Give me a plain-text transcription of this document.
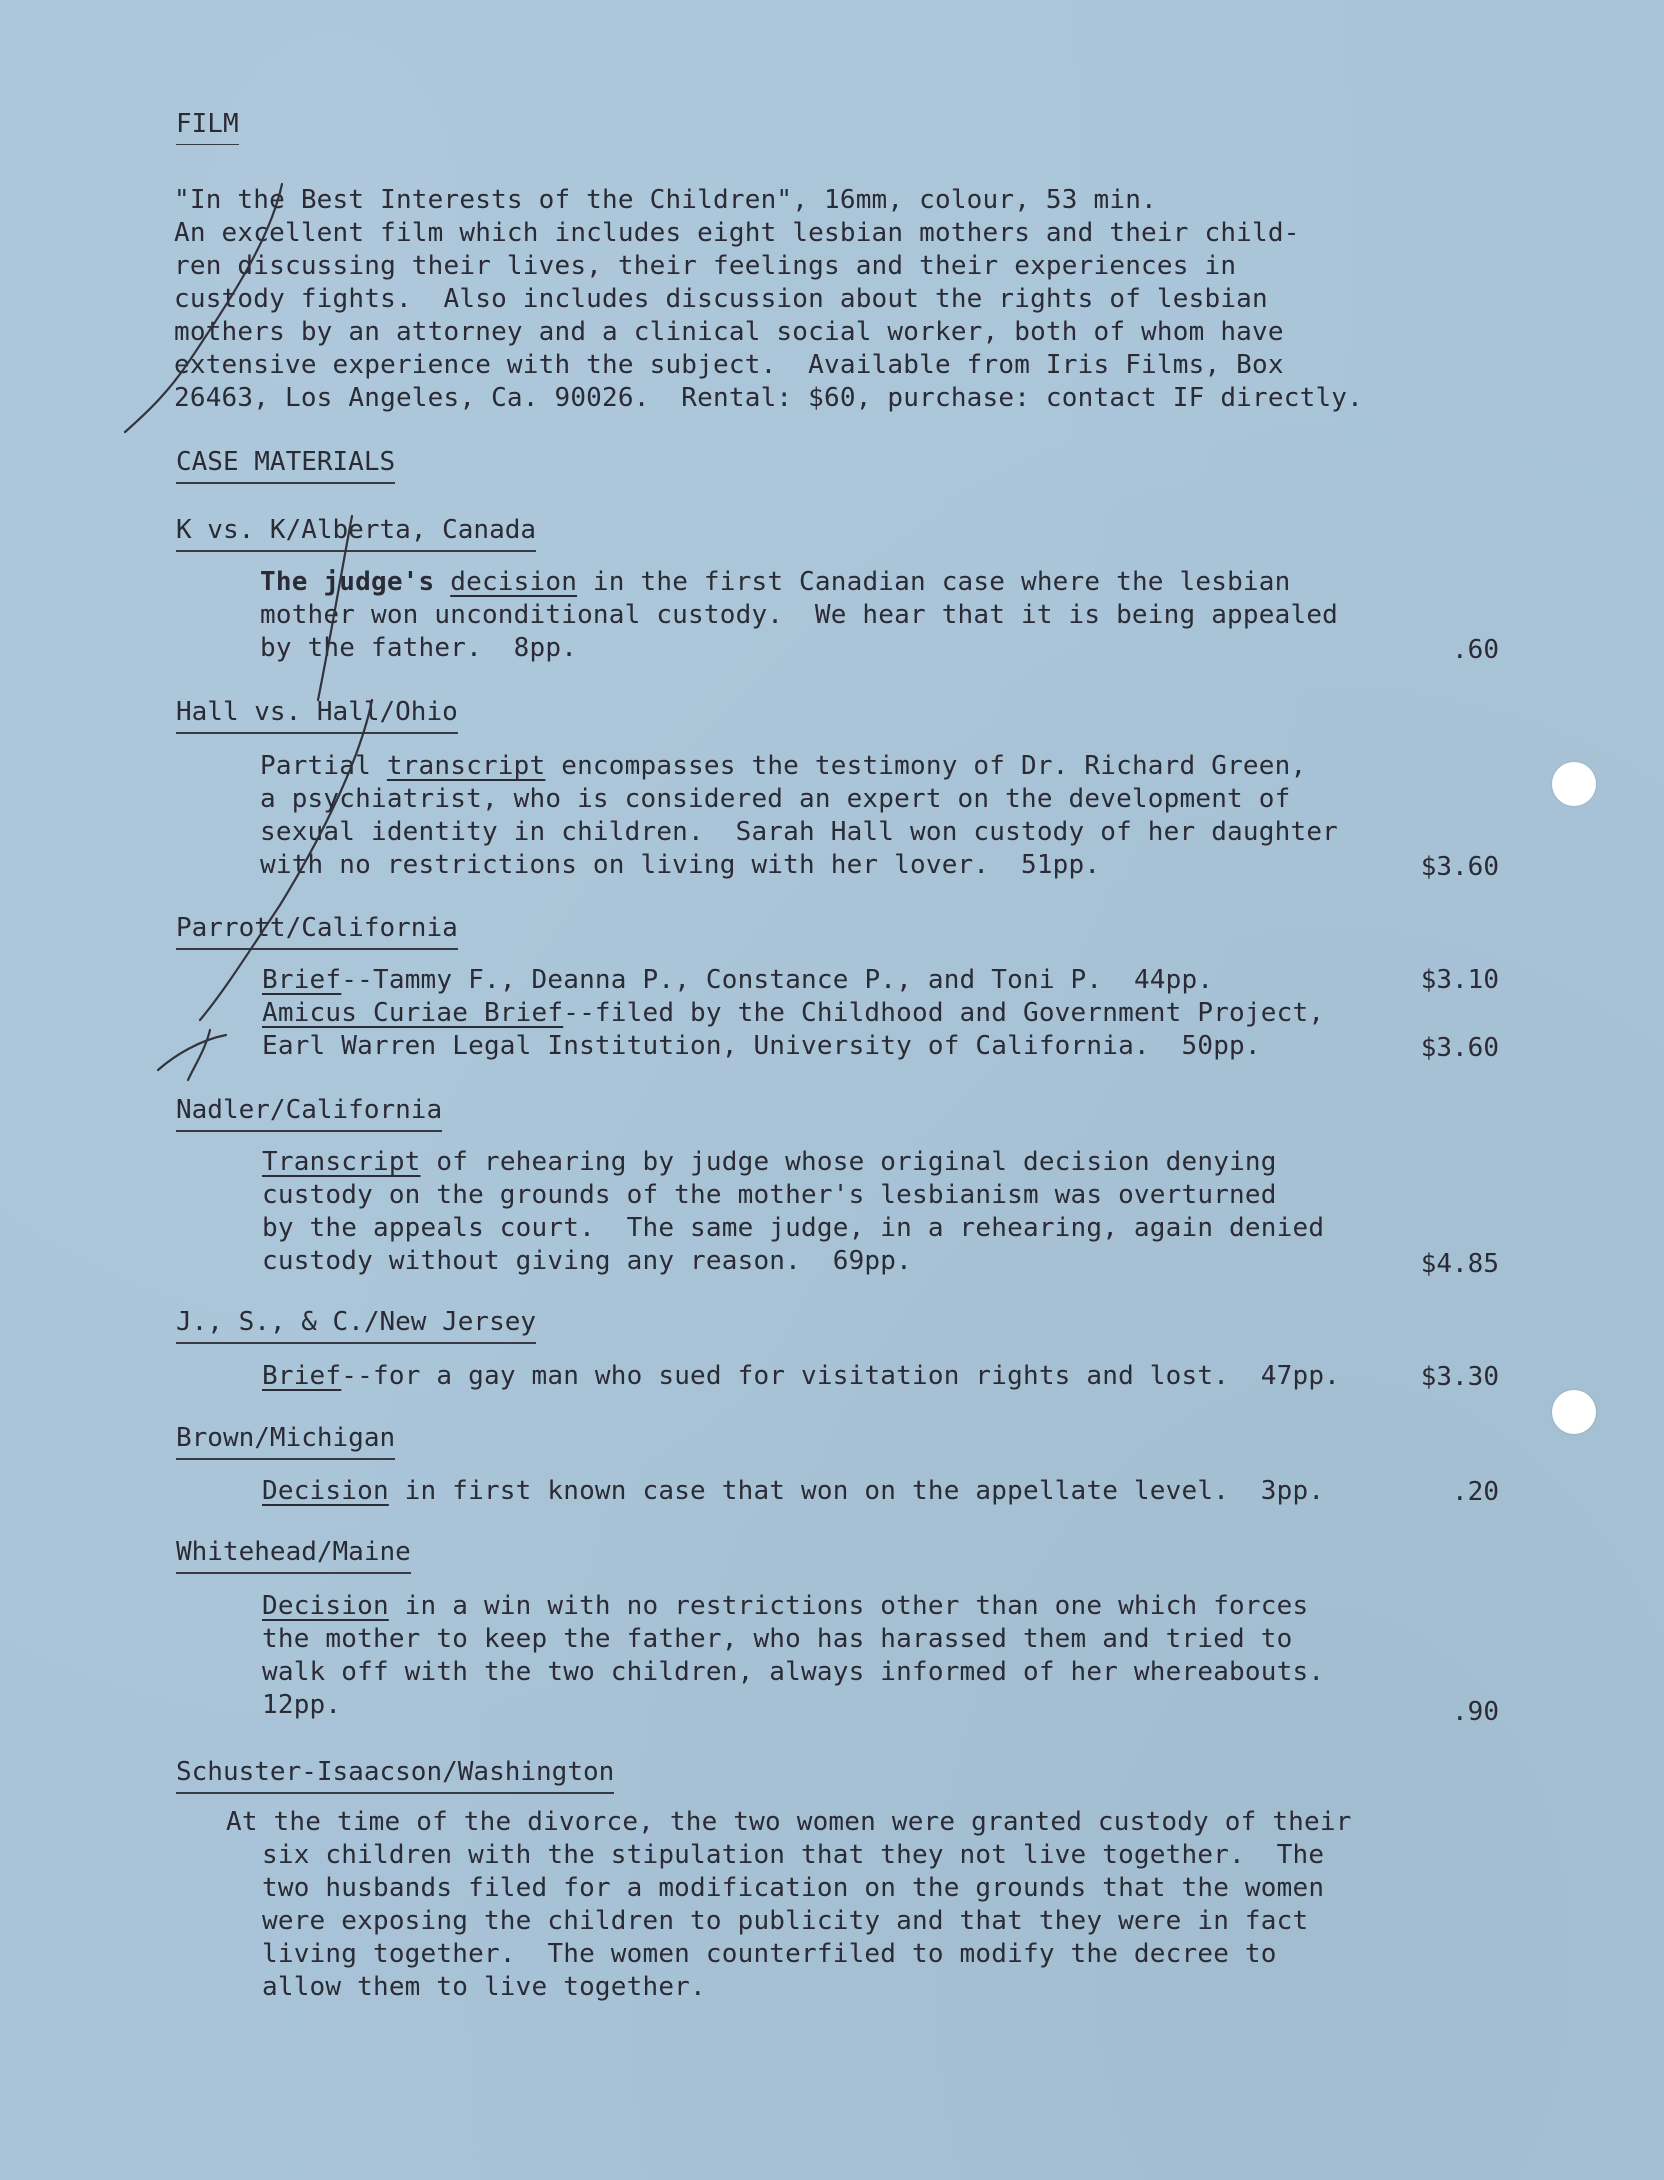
FILM
"In the Best Interests of the Children", 16mm, colour, 53 min.
An excellent film which includes eight lesbian mothers and their child-
ren discussing their lives, their feelings and their experiences in
custody fights.  Also includes discussion about the rights of lesbian
mothers by an attorney and a clinical social worker, both of whom have
extensive experience with the subject.  Available from Iris Films, Box
26463, Los Angeles, Ca. 90026.  Rental: $60, purchase: contact IF directly.
CASE MATERIALS
K vs. K/Alberta, Canada
The judge's decision in the first Canadian case where the lesbian
mother won unconditional custody.  We hear that it is being appealed
by the father.  8pp.	.60
Hall vs. Hall/Ohio
Partial transcript encompasses the testimony of Dr. Richard Green,
a psychiatrist, who is considered an expert on the development of
sexual identity in children.  Sarah Hall won custody of her daughter
with no restrictions on living with her lover.  51pp.	$3.60
Parrott/California
Brief--Tammy F., Deanna P., Constance P., and Toni P.  44pp.	$3.10
Amicus Curiae Brief--filed by the Childhood and Government Project,
Earl Warren Legal Institution, University of California.  50pp.	$3.60
Nadler/California
Transcript of rehearing by judge whose original decision denying
custody on the grounds of the mother's lesbianism was overturned
by the appeals court.  The same judge, in a rehearing, again denied
custody without giving any reason.  69pp.	$4.85
J., S., & C./New Jersey
Brief--for a gay man who sued for visitation rights and lost.  47pp.	$3.30
Brown/Michigan
Decision in first known case that won on the appellate level.  3pp.	.20
Whitehead/Maine
Decision in a win with no restrictions other than one which forces
the mother to keep the father, who has harassed them and tried to
walk off with the two children, always informed of her whereabouts.
12pp.	.90
Schuster-Isaacson/Washington
At the time of the divorce, the two women were granted custody of their
six children with the stipulation that they not live together.  The
two husbands filed for a modification on the grounds that the women
were exposing the children to publicity and that they were in fact
living together.  The women counterfiled to modify the decree to
allow them to live together.
